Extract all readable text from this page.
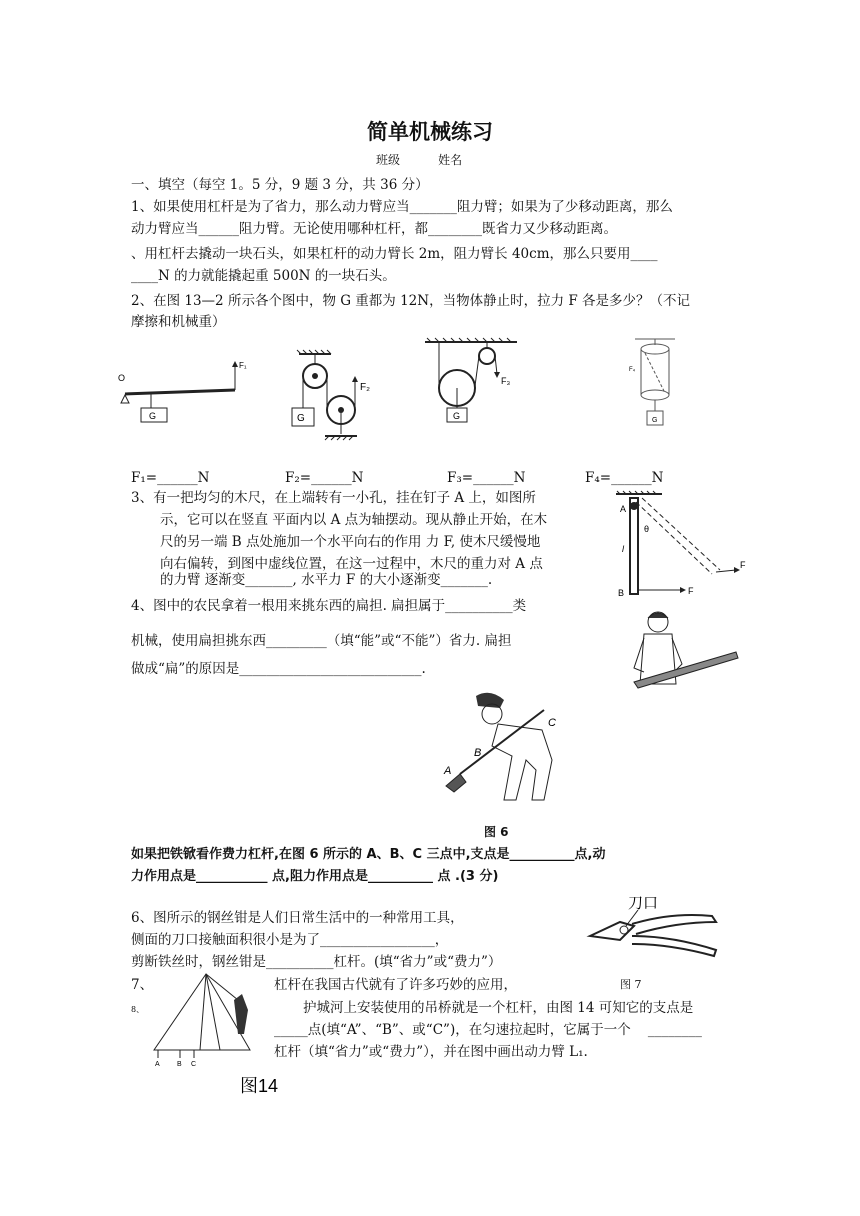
简单机械练习
班级          姓名
一、填空（每空 1。5 分，9 题 3 分，共 36 分）
1、如果使用杠杆是为了省力，那么动力臂应当_______阻力臂；如果为了少移动距离，那么
动力臂应当______阻力臂。无论使用哪种杠杆，都________既省力又少移动距离。
、用杠杆去撬动一块石头，如果杠杆的动力臂长 2m，阻力臂长 40cm，那么只要用____
____N 的力就能撬起重 500N 的一块石头。
2、在图 13—2 所示各个图中，物 G 重都为 12N，当物体静止时，拉力 F 各是多少？（不记
摩擦和机械重）
O
G
F₁
G
F₂
G
F₃
G
F₄
F₁=______N	F₂=______N	F₃=______N	F₄=______N
3、有一把均匀的木尺，在上端转有一小孔，挂在钉子 A 上，如图所
示，它可以在竖直 平面内以 A 点为轴摆动。现从静止开始，在木
尺的另一端 B 点处施加一个水平向右的作用 力 F, 使木尺缓慢地
向右偏转，到图中虚线位置，在这一过程中，木尺的重力对 A 点
的力臂 逐渐变_______, 水平力 F 的大小逐渐变_______.
A
l
B	F
θ
F
4、图中的农民拿着一根用来挑东西的扁担. 扁担属于__________类
机械，使用扁担挑东西_________（填“能”或“不能”）省力. 扁担
做成“扁”的原因是___________________________.
C
B
A
图 6
如果把铁锨看作费力杠杆,在图 6 所示的 A、B、C 三点中,支点是__________点,动
力作用点是___________ 点,阻力作用点是__________ 点 .(3 分)
6、图所示的钢丝钳是人们日常生活中的一种常用工具，
侧面的刀口接触面积很小是为了_________________，
剪断铁丝时，钢丝钳是__________杠杆。(填“省力”或“费力”）
刀口
图 7
7、
8、
A B C
图14
杠杆在我国古代就有了许多巧妙的应用，
护城河上安装使用的吊桥就是一个杠杆，由图 14 可知它的支点是
_____点(填“A”、“B”、或“C”)，在匀速拉起时，它属于一个    ________
杠杆（填“省力”或“费力”），并在图中画出动力臂 L₁.
